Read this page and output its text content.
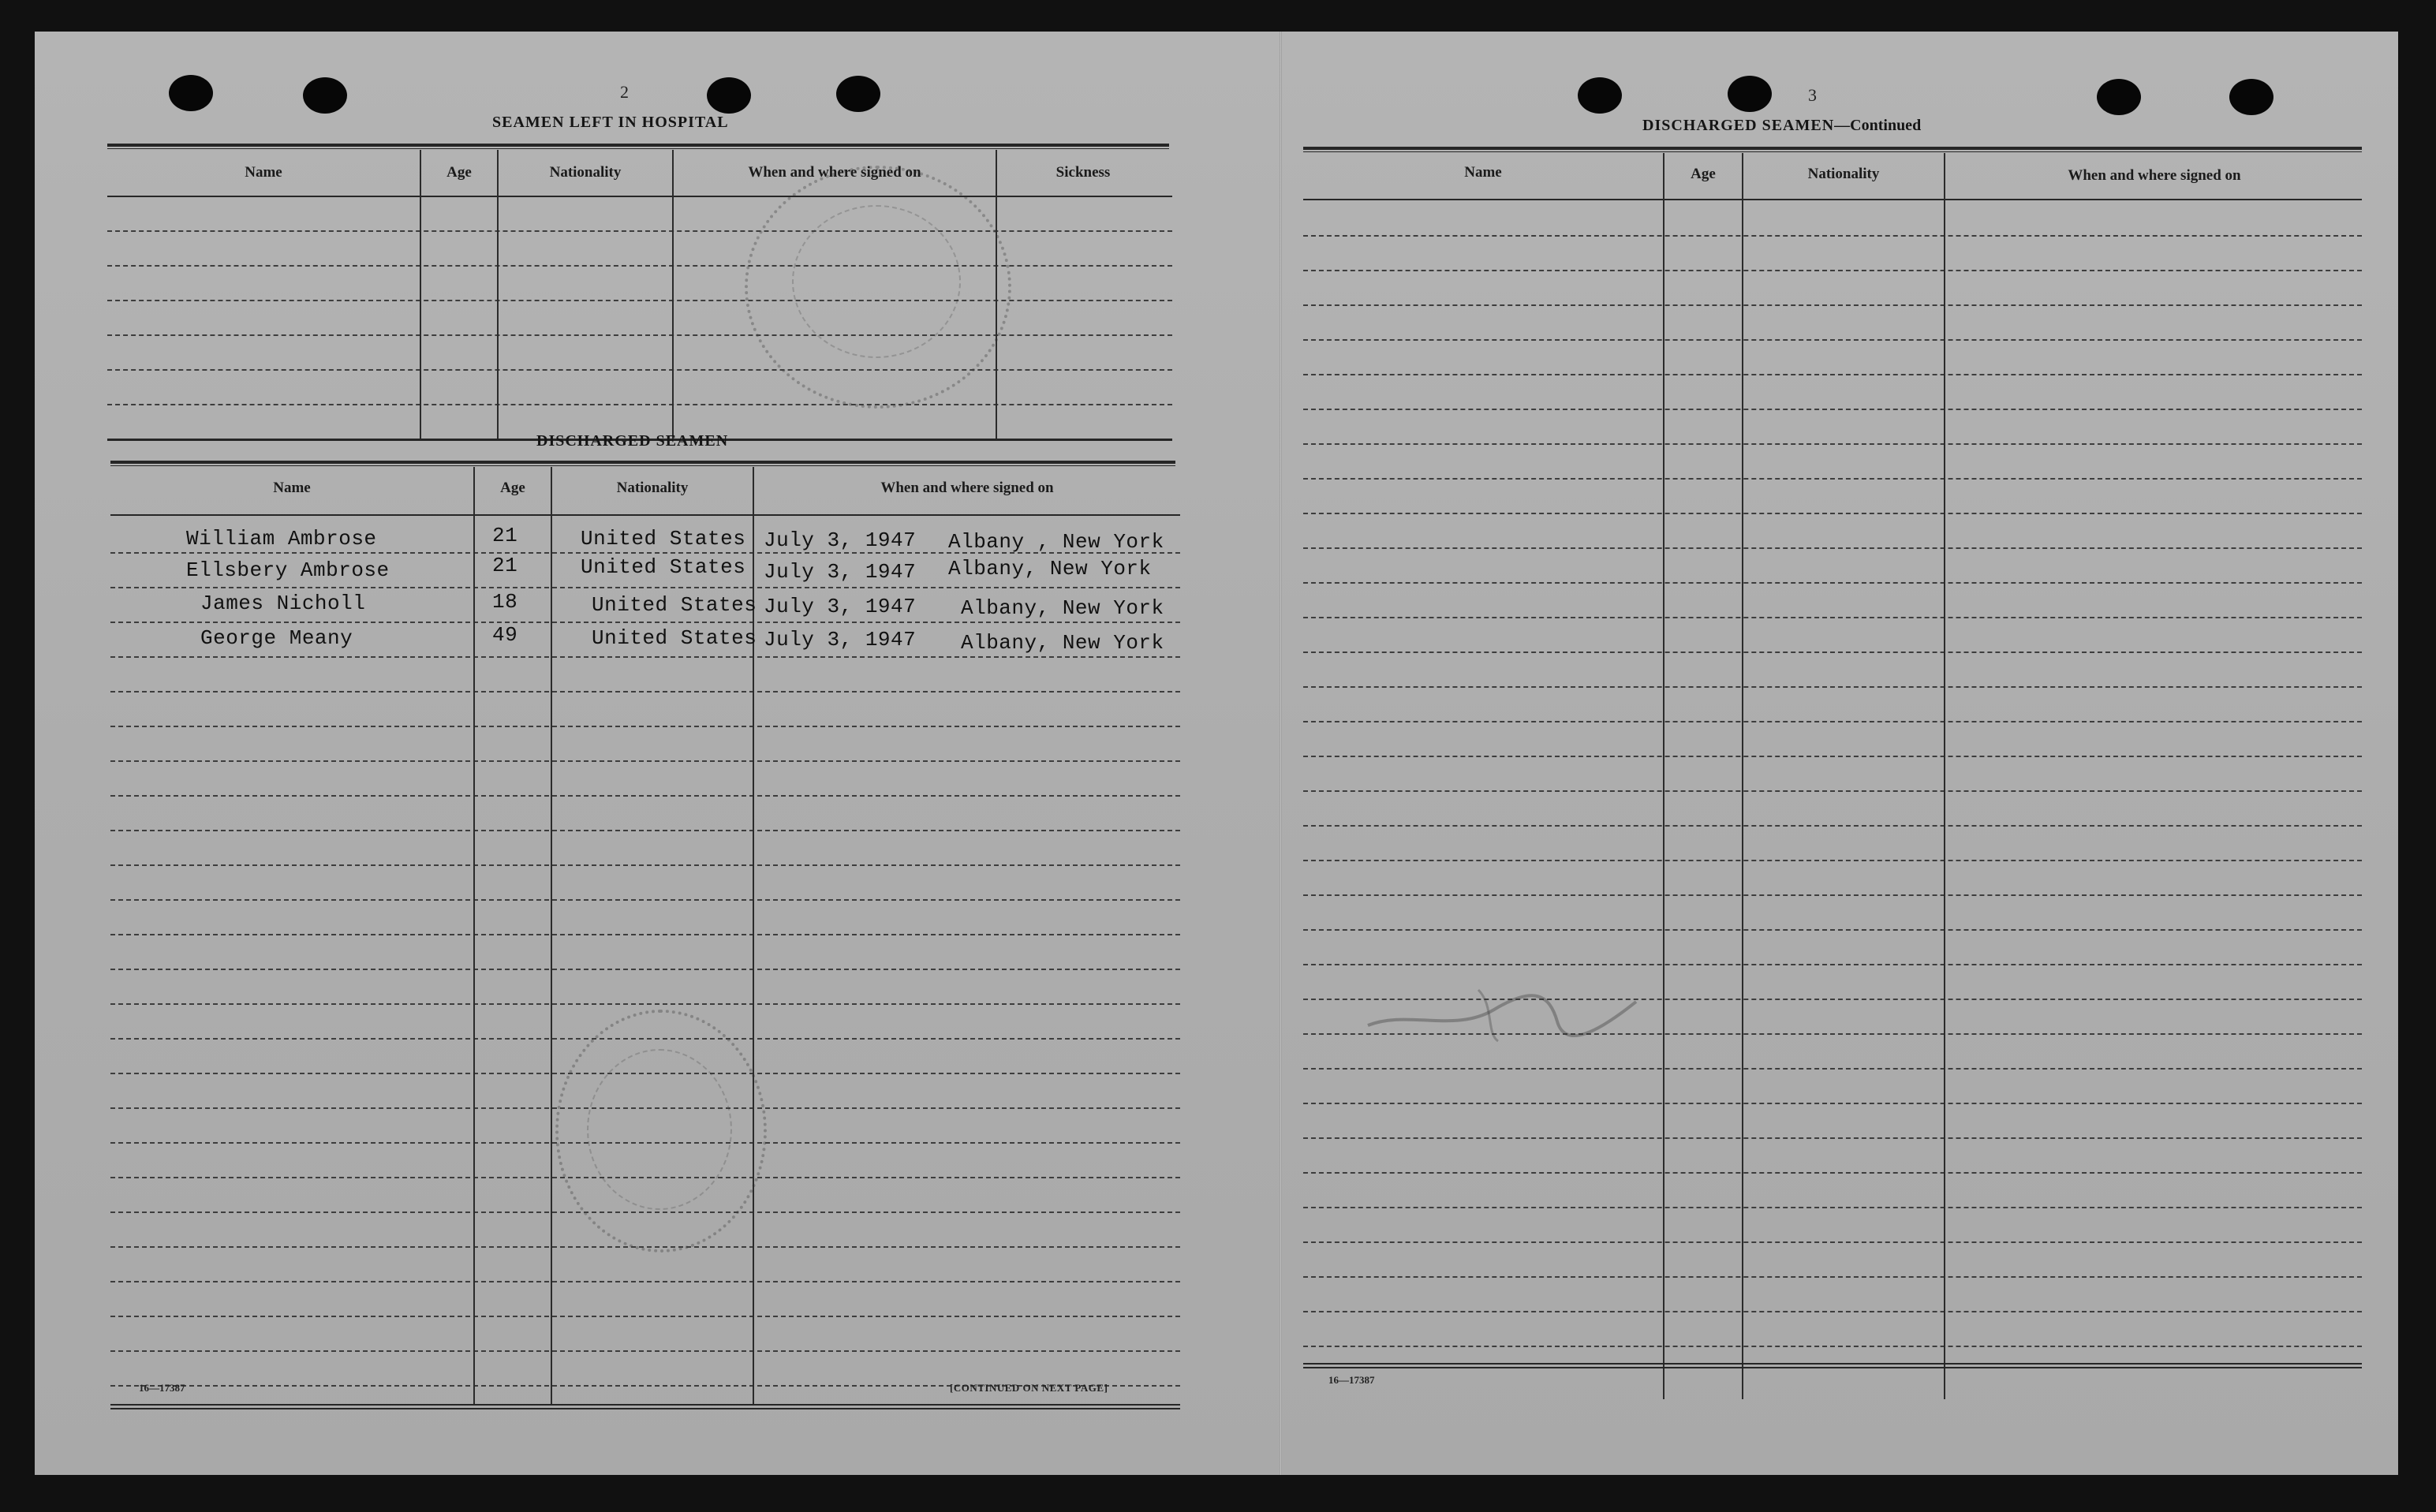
2
SEAMEN LEFT IN HOSPITAL
Name	Age	Nationality	When and where signed on	Sickness
DISCHARGED SEAMEN
Name	Age	Nationality	When and where signed on
William Ambrose	21	United States July 3, 1947 Albany , New York
Ellsbery Ambrose	21	United States July 3, 1947 Albany, New York
James Nicholl	18	United States July 3, 1947 Albany, New York
George Meany	49	United States July 3, 1947 Albany, New York
16—17387	[CONTINUED ON NEXT PAGE]
3
DISCHARGED SEAMEN—Continued
Name	Age	Nationality	When and where signed on
16—17387
